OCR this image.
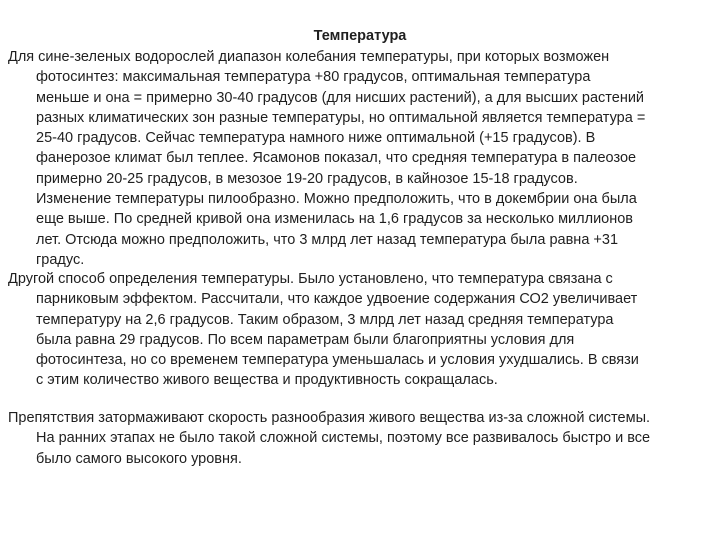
Температура

Для сине-зеленых водорослей диапазон колебания температуры, при которых возможен
фотосинтез: максимальная температура +80 градусов, оптимальная температура
меньше и она = примерно 30-40 градусов (для нисших растений), а для высших растений
разных климатических зон разные температуры, но оптимальной является температура =
25-40 градусов. Сейчас температура намного ниже оптимальной (+15 градусов). В
фанерозое климат был теплее. Ясамонов показал, что средняя температура в палеозое
примерно 20-25 градусов, в мезозое 19-20 градусов, в кайнозое 15-18 градусов.
Изменение температуры пилообразно. Можно предположить, что в докембрии она была
еще выше. По средней кривой она изменилась на 1,6 градусов за несколько миллионов
лет. Отсюда можно предположить, что 3 млрд лет назад температура была равна +31
градус.

Другой способ определения температуры. Было установлено, что температура связана с
парниковым эффектом. Рассчитали, что каждое удвоение содержания СО2 увеличивает
температуру на 2,6 градусов. Таким образом, 3 млрд лет назад средняя температура
была равна 29 градусов. По всем параметрам были благоприятны условия для
фотосинтеза, но со временем температура уменьшалась и условия ухудшались. В связи
с этим количество живого вещества и продуктивность сокращалась.

Препятствия затормаживают скорость разнообразия живого вещества из-за сложной системы.
На ранних этапах не было такой сложной системы, поэтому все развивалось быстро и все
было самого высокого уровня.
